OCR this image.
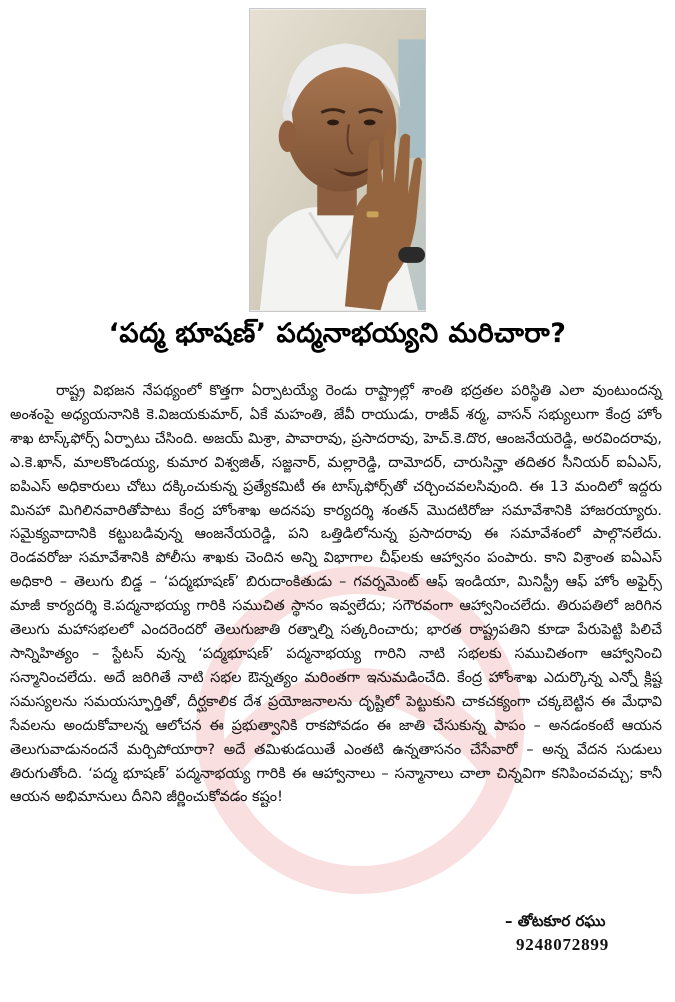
‘పద్మ భూషణ్’ పద్మనాభయ్యని మరిచారా?

రాష్ట్ర విభజన నేపథ్యంలో కొత్తగా ఏర్పాటయ్యే రెండు రాష్ట్రాల్లో శాంతి భద్రతల పరిస్థితి ఎలా వుంటుందన్న అంశంపై అధ్యయనానికి కె.విజయకుమార్, ఏకే మహంతి, జేవీ రాయుడు, రాజీవ్ శర్మ, వాసన్ సభ్యులుగా కేంద్ర హోం శాఖ టాస్క్‌ఫోర్స్ ఏర్పాటు చేసింది. అజయ్ మిశ్రా, పావారావు, ప్రసాదరావు, హెచ్.కె.దొర, ఆంజనేయరెడ్డి, అరవిందరావు, ఎ.కె.ఖాన్, మాలకొండయ్య, కుమార విశ్వజిత్, సజ్జనార్, మల్లారెడ్డి, దామోదర్, చారుసిన్హా తదితర సీనియర్ ఐఏఎస్, ఐపిఎస్ అధికారులు చోటు దక్కించుకున్న ప్రత్యేకమిటీ ఈ టాస్క్‌ఫోర్స్‌తో చర్చించవలసివుంది. ఈ 13 మందిలో ఇద్దరు మినహా మిగిలినవారితోపాటు కేంద్ర హోంశాఖ అదనపు కార్యదర్శి శంతన్ మొదటిరోజు సమావేశానికి హాజరయ్యారు. సమైక్యవాదానికి కట్టుబడివున్న ఆంజనేయరెడ్డి, పని ఒత్తిడిలోనున్న ప్రసాదరావు ఈ సమావేశంలో పాల్గొనలేదు. రెండవరోజు సమావేశానికి పోలీసు శాఖకు చెందిన అన్ని విభాగాల చీఫ్‌లకు ఆహ్వానం పంపారు. కాని విశ్రాంత ఐఏఎస్ అధికారి – తెలుగు బిడ్డ – ‘పద్మభూషణ్’ బిరుదాంకితుడు – గవర్నమెంట్ ఆఫ్ ఇండియా, మినిస్ట్రీ ఆఫ్ హోం అఫైర్స్ మాజీ కార్యదర్శి కె.పద్మనాభయ్య గారికి సముచిత స్థానం ఇవ్వలేదు; సగౌరవంగా ఆహ్వానించలేదు. తిరుపతిలో జరిగిన తెలుగు మహాసభలలో ఎందరెందరో తెలుగుజాతి రత్నాల్ని సత్కరించారు; భారత రాష్ట్రపతిని కూడా పేరుపెట్టి పిలిచే సాన్నిహిత్యం – స్టేటస్ వున్న ‘పద్మభూషణ్’ పద్మనాభయ్య గారిని నాటి సభలకు సముచితంగా ఆహ్వానించి సన్మానించలేదు. అదే జరిగితే నాటి సభల ఔన్నత్యం మరింతగా ఇనుమడించేది. కేంద్ర హోంశాఖ ఎదుర్కొన్న ఎన్నో క్లిష్ట సమస్యలను సమయస్ఫూర్తితో, దీర్ఘకాలిక దేశ ప్రయోజనాలను దృష్టిలో పెట్టుకుని చాకచక్యంగా చక్కబెట్టిన ఈ మేధావి సేవలను అందుకోవాలన్న ఆలోచన ఈ ప్రభుత్వానికి రాకపోవడం ఈ జాతి చేసుకున్న పాపం – అనడంకంటే ఆయన తెలుగువాడునందనే మర్చిపోయారా? అదే తమిళుడయితే ఎంతటి ఉన్నతాసనం చేసేవారో – అన్న వేదన సుడులు తిరుగుతోంది. ‘పద్మ భూషణ్’ పద్మనాభయ్య గారికి ఈ ఆహ్వానాలు – సన్మానాలు చాలా చిన్నవిగా కనిపించవచ్చు; కానీ ఆయన అభిమానులు దీనిని జీర్ణించుకోవడం కష్టం!

– తోటకూర రఘు
9248072899
